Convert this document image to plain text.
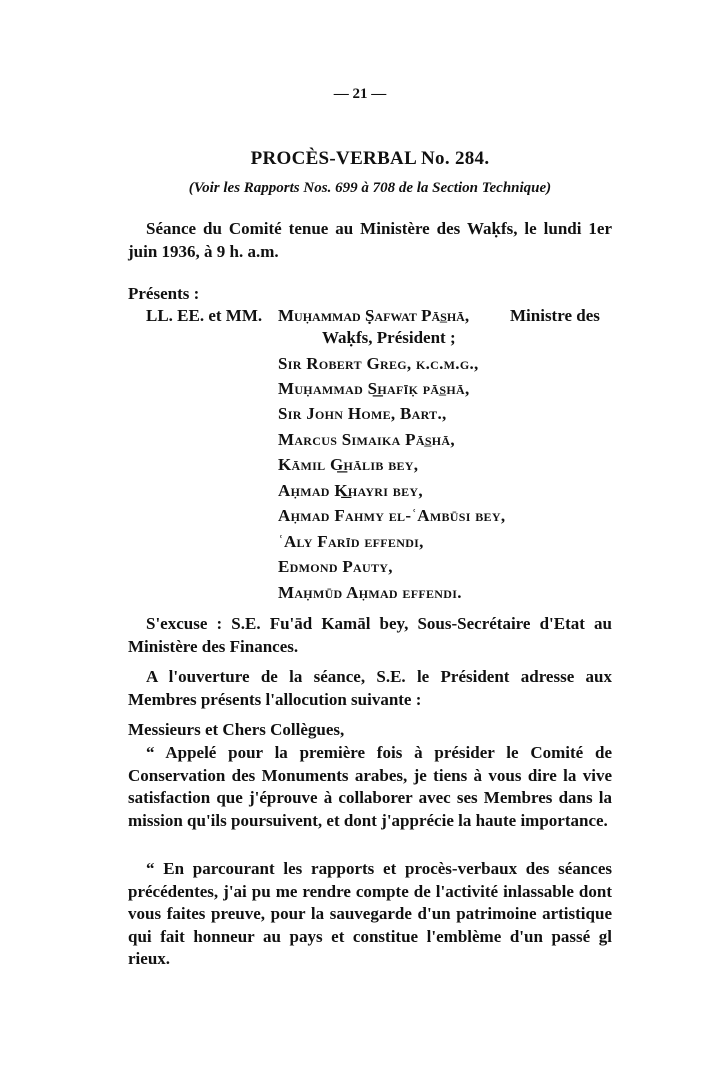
— 21 —
PROCÈS-VERBAL No. 284.
(Voir les Rapports Nos. 699 à 708 de la Section Technique)
Séance du Comité tenue au Ministère des Waḳfs, le lundi 1er juin 1936, à 9 h. a.m.
Présents :
LL. EE. et MM. Muḥammad Ṣafwat Pā͟shā, Ministre des
Waḳfs, Président ;
Sir Robert Greg, k.c.m.g.,
Muḥammad S͟hafīḳ pā͟shā,
Sir John Home, Bart.,
Marcus Simaika Pā͟shā,
Kāmil G͟hālib bey,
Aḥmad K͟hayri bey,
Aḥmad Fahmy el-ʿAmbūsi bey,
ʿAly Farīd effendi,
Edmond Pauty,
Maḥmūd Aḥmad effendi.
S'excuse : S.E. Fu'ād Kamāl bey, Sous-Secrétaire d'Etat au Ministère des Finances.
A l'ouverture de la séance, S.E. le Président adresse aux Membres présents l'allocution suivante :
Messieurs et Chers Collègues,
“ Appelé pour la première fois à présider le Comité de Conservation des Monuments arabes, je tiens à vous dire la vive satisfaction que j'éprouve à collaborer avec ses Membres dans la mission qu'ils poursuivent, et dont j'apprécie la haute importance.
“ En parcourant les rapports et procès-verbaux des séances précédentes, j'ai pu me rendre compte de l'activité inlassable dont vous faites preuve, pour la sauvegarde d'un patrimoine artistique qui fait honneur au pays et constitue l'emblème d'un passé gl rieux.
